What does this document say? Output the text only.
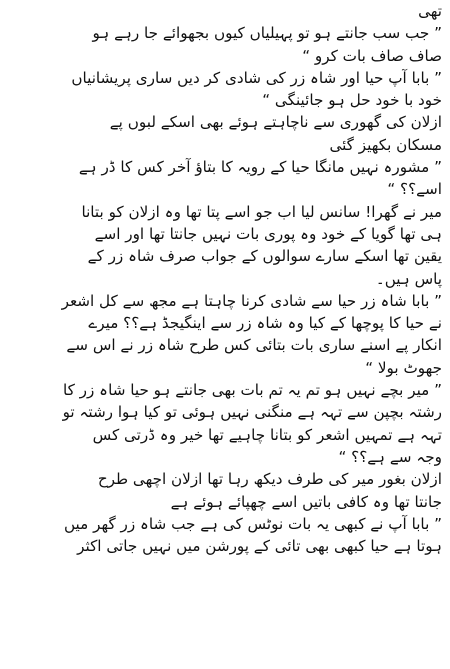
تھی
” جب سب جانتے ہو تو پہیلیاں کیوں بجھوائے جا رہے ہو
صاف صاف بات کرو “
” بابا آپ حیا اور شاہ زر کی شادی کر دیں ساری پریشانیاں
خود با خود حل ہو جائینگی “
ازلان کی گھوری سے ناچاہتے ہوئے بھی اسکے لبوں پے
مسکان بکھیز گئی
” مشورہ نہیں مانگا حیا کے رویہ کا بتاؤ آخر کس کا ڈر ہے
اسے؟؟ “
میر نے گھرا! سانس لیا اب جو اسے پتا تھا وہ ازلان کو بتانا
ہی تھا گویا کے خود وہ پوری بات نہیں جانتا تھا اور اسے
یقین تھا اسکے سارے سوالوں کے جواب صرف شاہ زر کے
پاس ہیں۔
” بابا شاہ زر حیا سے شادی کرنا چاہتا ہے مجھ سے کل اشعر
نے حیا کا پوچھا کے کیا وہ شاہ زر سے اینگیجڈ ہے؟؟ میرے
انکار پے اسنے ساری بات بتائی کس طرح شاہ زر نے اس سے
جھوٹ بولا “
” میر بچے نہیں ہو تم یہ تم بات بھی جانتے ہو حیا شاہ زر کا
رشتہ بچپن سے تہہ ہے منگنی نہیں ہوئی تو کیا ہوا رشتہ تو
تہہ ہے تمہیں اشعر کو بتانا چاہیے تھا خیر وہ ڈرتی کس
وجہ سے ہے؟؟ “
ازلان بغور میر کی طرف دیکھ رہا تھا ازلان اچھی طرح
جانتا تھا وہ کافی باتیں اسے چھپائے ہوئے ہے
” بابا آپ نے کبھی یہ بات نوٹس کی ہے جب شاہ زر گھر میں
ہوتا ہے حیا کبھی بھی تائی کے پورشن میں نہیں جاتی اکثر
